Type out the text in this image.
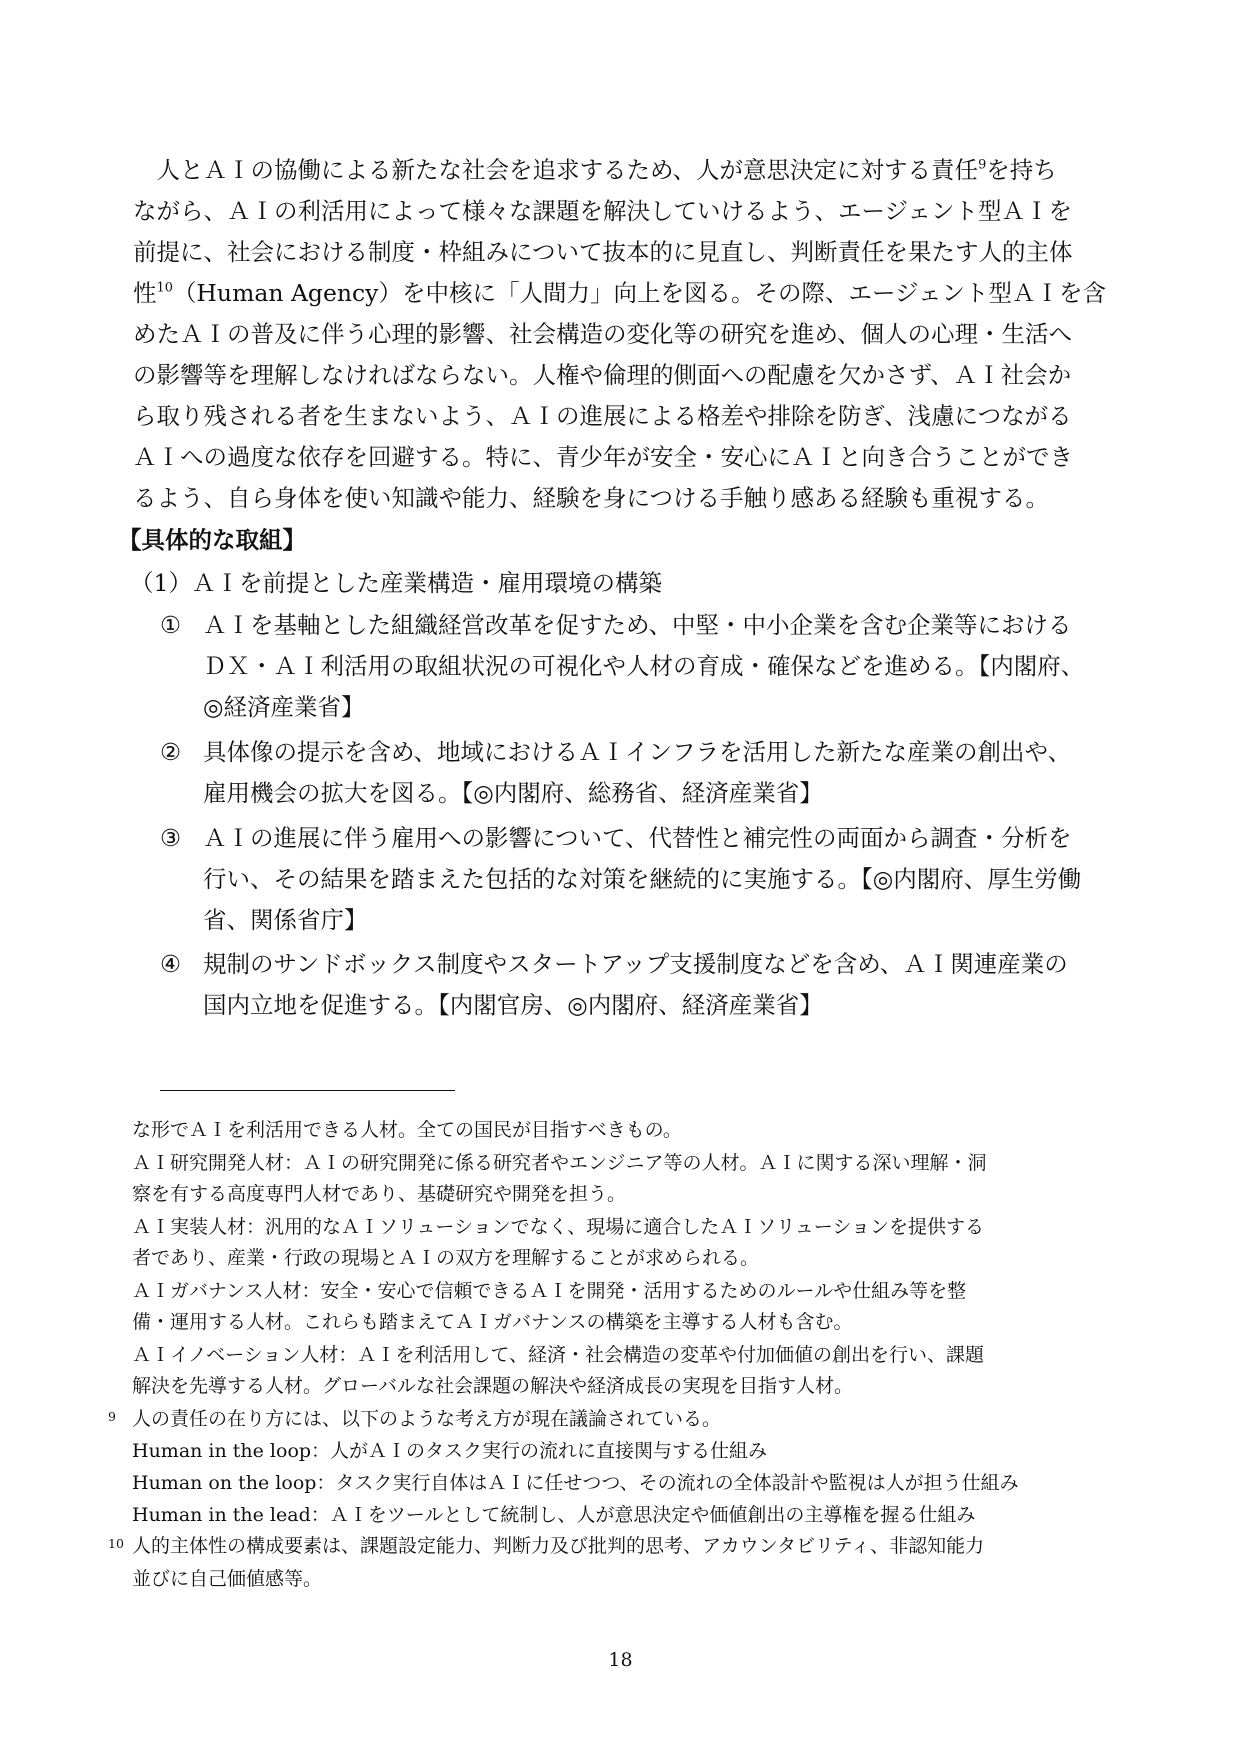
　人とＡＩの協働による新たな社会を追求するため、人が意思決定に対する責任$^9$を持ち
ながら、ＡＩの利活用によって様々な課題を解決していけるよう、エージェント型ＡＩを
前提に、社会における制度・枠組みについて抜本的に見直し、判断責任を果たす人的主体
性$^{10}$（Human Agency）を中核に「人間力」向上を図る。その際、エージェント型ＡＩを含
めたＡＩの普及に伴う心理的影響、社会構造の変化等の研究を進め、個人の心理・生活へ
の影響等を理解しなければならない。人権や倫理的側面への配慮を欠かさず、ＡＩ社会か
ら取り残される者を生まないよう、ＡＩの進展による格差や排除を防ぎ、浅慮につながる
ＡＩへの過度な依存を回避する。特に、青少年が安全・安心にＡＩと向き合うことができ
るよう、自ら身体を使い知識や能力、経験を身につける手触り感ある経験も重視する。
【具体的な取組】
（1）ＡＩを前提とした産業構造・雇用環境の構築
① ＡＩを基軸とした組織経営改革を促すため、中堅・中小企業を含む企業等における
ＤＸ・ＡＩ利活用の取組状況の可視化や人材の育成・確保などを進める。【内閣府、
◎経済産業省】
② 具体像の提示を含め、地域におけるＡＩインフラを活用した新たな産業の創出や、
雇用機会の拡大を図る。【◎内閣府、総務省、経済産業省】
③ ＡＩの進展に伴う雇用への影響について、代替性と補完性の両面から調査・分析を
行い、その結果を踏まえた包括的な対策を継続的に実施する。【◎内閣府、厚生労働
省、関係省庁】
④ 規制のサンドボックス制度やスタートアップ支援制度などを含め、ＡＩ関連産業の
国内立地を促進する。【内閣官房、◎内閣府、経済産業省】
な形でＡＩを利活用できる人材。全ての国民が目指すべきもの。
ＡＩ研究開発人材：ＡＩの研究開発に係る研究者やエンジニア等の人材。ＡＩに関する深い理解・洞
察を有する高度専門人材であり、基礎研究や開発を担う。
ＡＩ実装人材：汎用的なＡＩソリューションでなく、現場に適合したＡＩソリューションを提供する
者であり、産業・行政の現場とＡＩの双方を理解することが求められる。
ＡＩガバナンス人材：安全・安心で信頼できるＡＩを開発・活用するためのルールや仕組み等を整
備・運用する人材。これらも踏まえてＡＩガバナンスの構築を主導する人材も含む。
ＡＩイノベーション人材：ＡＩを利活用して、経済・社会構造の変革や付加価値の創出を行い、課題
解決を先導する人材。グローバルな社会課題の解決や経済成長の実現を目指す人材。
9 人の責任の在り方には、以下のような考え方が現在議論されている。
Human in the loop：人がＡＩのタスク実行の流れに直接関与する仕組み
Human on the loop：タスク実行自体はＡＩに任せつつ、その流れの全体設計や監視は人が担う仕組み
Human in the lead：ＡＩをツールとして統制し、人が意思決定や価値創出の主導権を握る仕組み
10 人的主体性の構成要素は、課題設定能力、判断力及び批判的思考、アカウンタビリティ、非認知能力
並びに自己価値感等。
18
